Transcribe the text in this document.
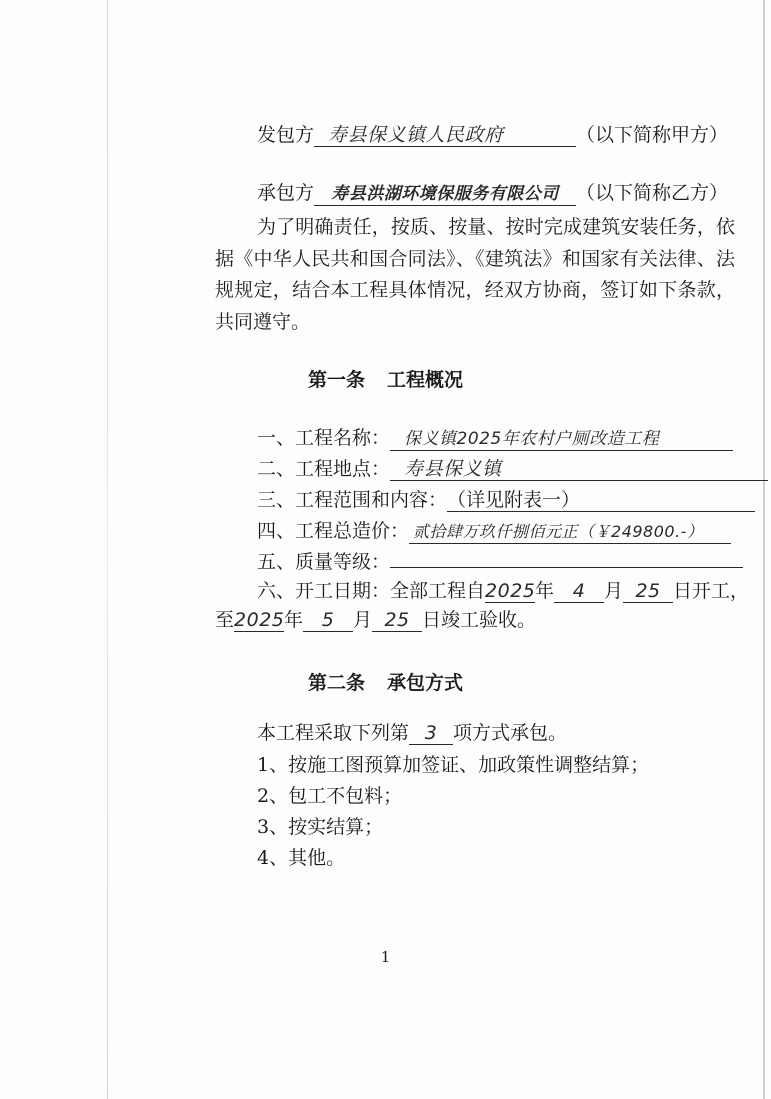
发包方 寿县保义镇人民政府	（以下简称甲方）
承包方 寿县洪湖环境保服务有限公司 （以下简称乙方）

为了明确责任，按质、按量、按时完成建筑安装任务，依据《中华人民共和国合同法》、《建筑法》和国家有关法律、法规规定，结合本工程具体情况，经双方协商，签订如下条款，共同遵守。

第一条 工程概况
一、工程名称： 保义镇2025年农村户厕改造工程
二、工程地点： 寿县保义镇
三、工程范围和内容：（详见附表一）
四、工程总造价： 贰拾肆万玖仟捌佰元正（￥249800.-）
五、质量等级：
六、开工日期：全部工程自2025年 4 月 25 日开工，
至2025年 5 月 25 日竣工验收。
第二条 承包方式
本工程采取下列第 3 项方式承包。
1、按施工图预算加签证、加政策性调整结算；
2、包工不包料；
3、按实结算；
4、其他。
1
